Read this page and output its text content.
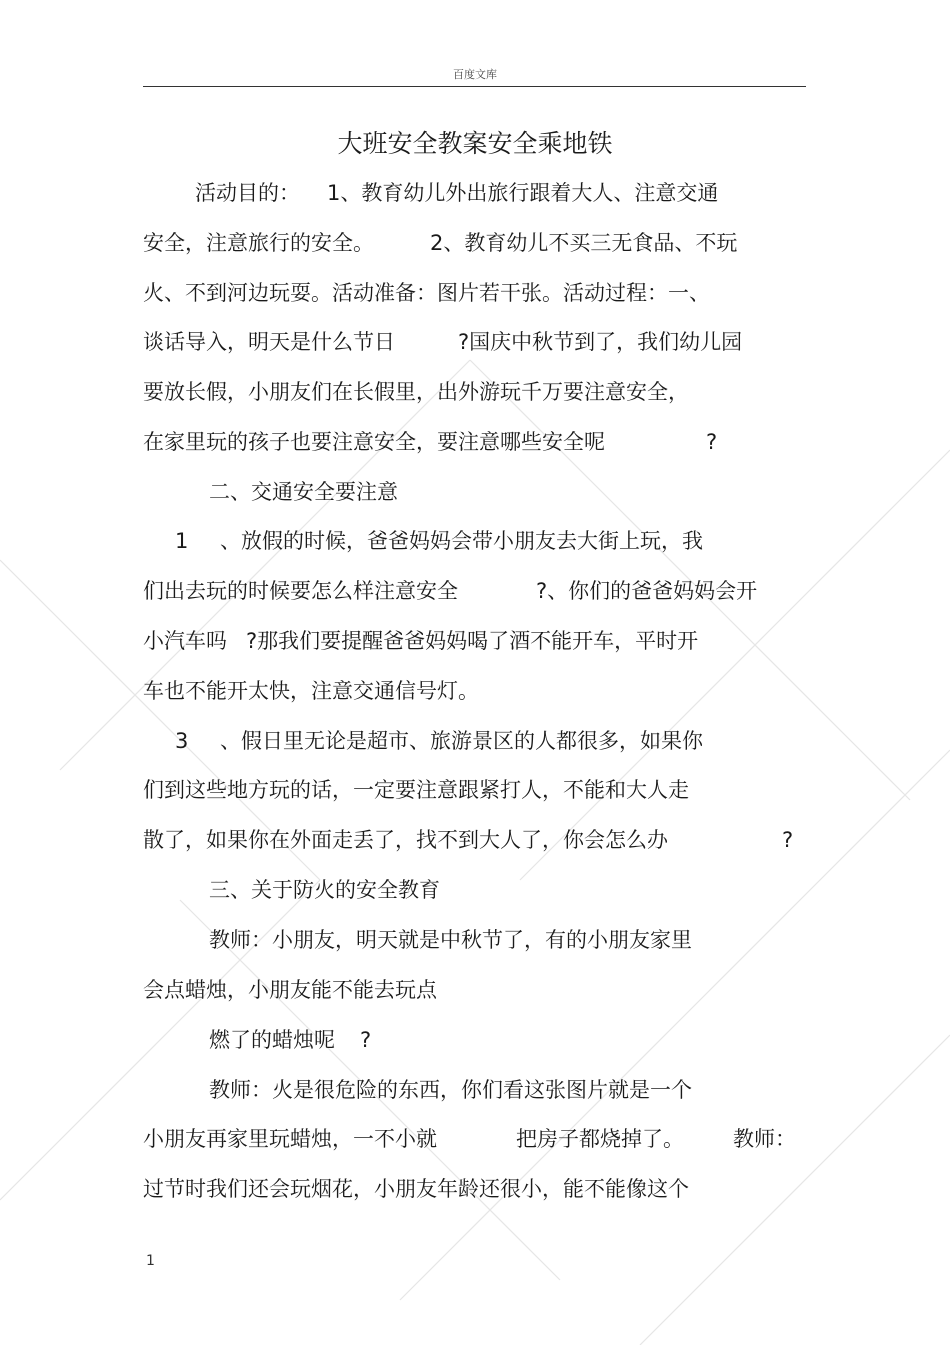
百度文库
大班安全教案安全乘地铁
活动目的： 1、教育幼儿外出旅行跟着大人、注意交通
安全，注意旅行的安全。	2、教育幼儿不买三无食品、不玩
火、不到河边玩耍。活动准备：图片若干张。活动过程：一、
谈话导入，明天是什么节日	?国庆中秋节到了，我们幼儿园
要放长假，小朋友们在长假里，出外游玩千万要注意安全，
在家里玩的孩子也要注意安全，要注意哪些安全呢	?
二、交通安全要注意
1 、放假的时候，爸爸妈妈会带小朋友去大街上玩，我
们出去玩的时候要怎么样注意安全	?、你们的爸爸妈妈会开
小汽车吗 ?那我们要提醒爸爸妈妈喝了酒不能开车，平时开
车也不能开太快，注意交通信号灯。
3 、假日里无论是超市、旅游景区的人都很多，如果你
们到这些地方玩的话，一定要注意跟紧打人，不能和大人走
散了，如果你在外面走丢了，找不到大人了，你会怎么办	?
三、关于防火的安全教育
教师：小朋友，明天就是中秋节了，有的小朋友家里
会点蜡烛，小朋友能不能去玩点
燃了的蜡烛呢 ?
教师：火是很危险的东西，你们看这张图片就是一个
小朋友再家里玩蜡烛，一不小就	把房子都烧掉了。 教师：
过节时我们还会玩烟花，小朋友年龄还很小，能不能像这个
1
